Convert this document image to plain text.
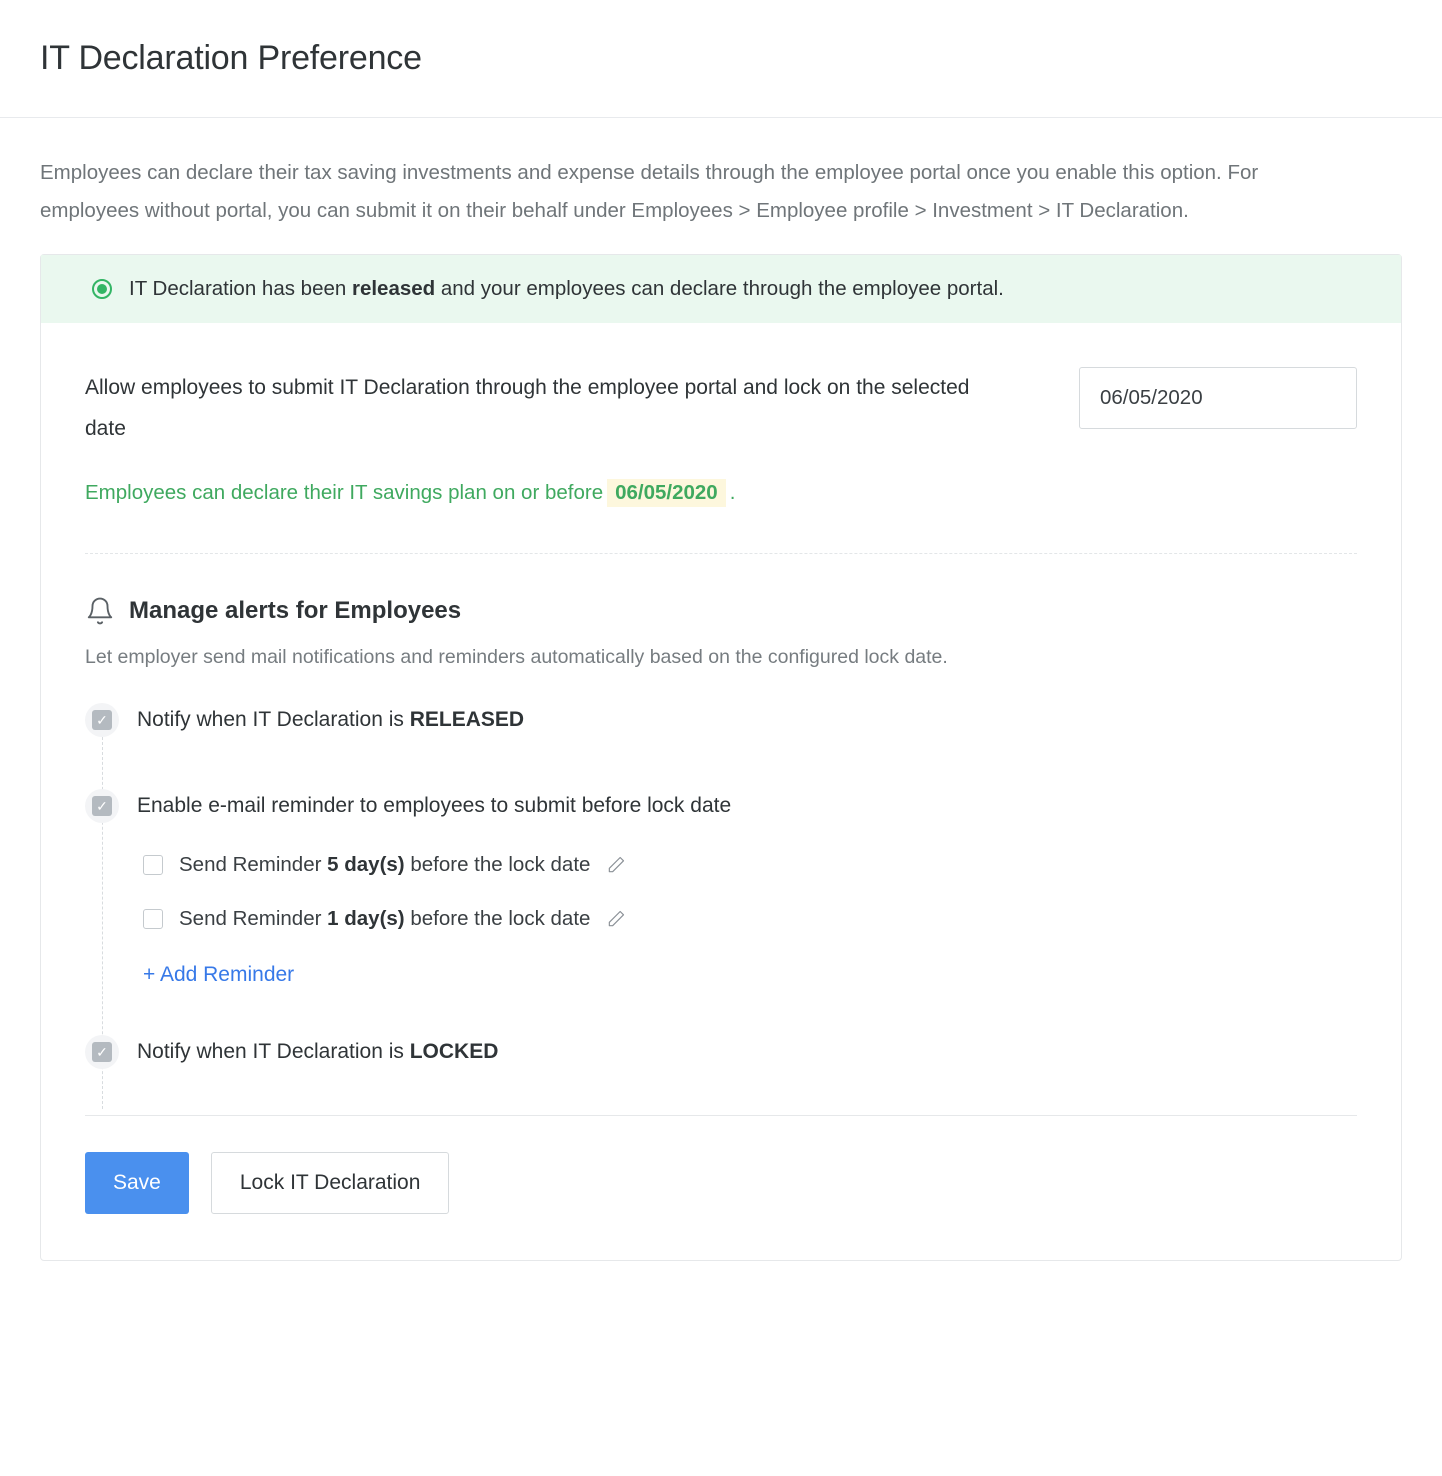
IT Declaration Preference
Employees can declare their tax saving investments and expense details through the employee portal once you enable this option. For employees without portal, you can submit it on their behalf under Employees > Employee profile > Investment > IT Declaration.
IT Declaration has been released and your employees can declare through the employee portal.
Allow employees to submit IT Declaration through the employee portal and lock on the selected date
06/05/2020
Employees can declare their IT savings plan on or before 06/05/2020 .
Manage alerts for Employees
Let employer send mail notifications and reminders automatically based on the configured lock date.
✓ Notify when IT Declaration is RELEASED
✓ Enable e-mail reminder to employees to submit before lock date
Send Reminder 5 day(s) before the lock date
Send Reminder 1 day(s) before the lock date
+ Add Reminder
✓ Notify when IT Declaration is LOCKED
Save	Lock IT Declaration
